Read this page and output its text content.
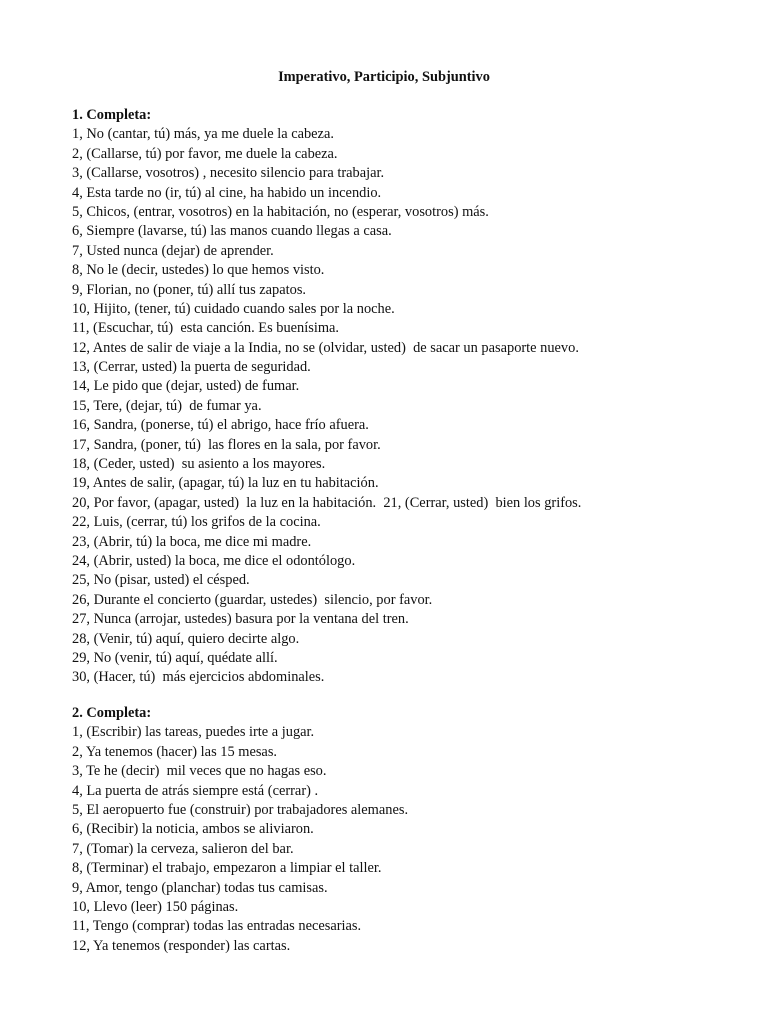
Imperativo, Participio, Subjuntivo
1. Completa:
1, No (cantar, tú) más, ya me duele la cabeza.
2, (Callarse, tú) por favor, me duele la cabeza.
3, (Callarse, vosotros) , necesito silencio para trabajar.
4, Esta tarde no (ir, tú) al cine, ha habido un incendio.
5, Chicos, (entrar, vosotros) en la habitación, no (esperar, vosotros) más.
6, Siempre (lavarse, tú) las manos cuando llegas a casa.
7, Usted nunca (dejar) de aprender.
8, No le (decir, ustedes) lo que hemos visto.
9, Florian, no (poner, tú) allí tus zapatos.
10, Hijito, (tener, tú) cuidado cuando sales por la noche.
11, (Escuchar, tú)  esta canción. Es buenísima.
12, Antes de salir de viaje a la India, no se (olvidar, usted)  de sacar un pasaporte nuevo.
13, (Cerrar, usted) la puerta de seguridad.
14, Le pido que (dejar, usted) de fumar.
15, Tere, (dejar, tú)  de fumar ya.
16, Sandra, (ponerse, tú) el abrigo, hace frío afuera.
17, Sandra, (poner, tú)  las flores en la sala, por favor.
18, (Ceder, usted)  su asiento a los mayores.
19, Antes de salir, (apagar, tú) la luz en tu habitación.
20, Por favor, (apagar, usted)  la luz en la habitación.  21, (Cerrar, usted)  bien los grifos.
22, Luis, (cerrar, tú) los grifos de la cocina.
23, (Abrir, tú) la boca, me dice mi madre.
24, (Abrir, usted) la boca, me dice el odontólogo.
25, No (pisar, usted) el césped.
26, Durante el concierto (guardar, ustedes)  silencio, por favor.
27, Nunca (arrojar, ustedes) basura por la ventana del tren.
28, (Venir, tú) aquí, quiero decirte algo.
29, No (venir, tú) aquí, quédate allí.
30, (Hacer, tú)  más ejercicios abdominales.
2. Completa:
1, (Escribir) las tareas, puedes irte a jugar.
2, Ya tenemos (hacer) las 15 mesas.
3, Te he (decir)  mil veces que no hagas eso.
4, La puerta de atrás siempre está (cerrar) .
5, El aeropuerto fue (construir) por trabajadores alemanes.
6, (Recibir) la noticia, ambos se aliviaron.
7, (Tomar) la cerveza, salieron del bar.
8, (Terminar) el trabajo, empezaron a limpiar el taller.
9, Amor, tengo (planchar) todas tus camisas.
10, Llevo (leer) 150 páginas.
11, Tengo (comprar) todas las entradas necesarias.
12, Ya tenemos (responder) las cartas.
